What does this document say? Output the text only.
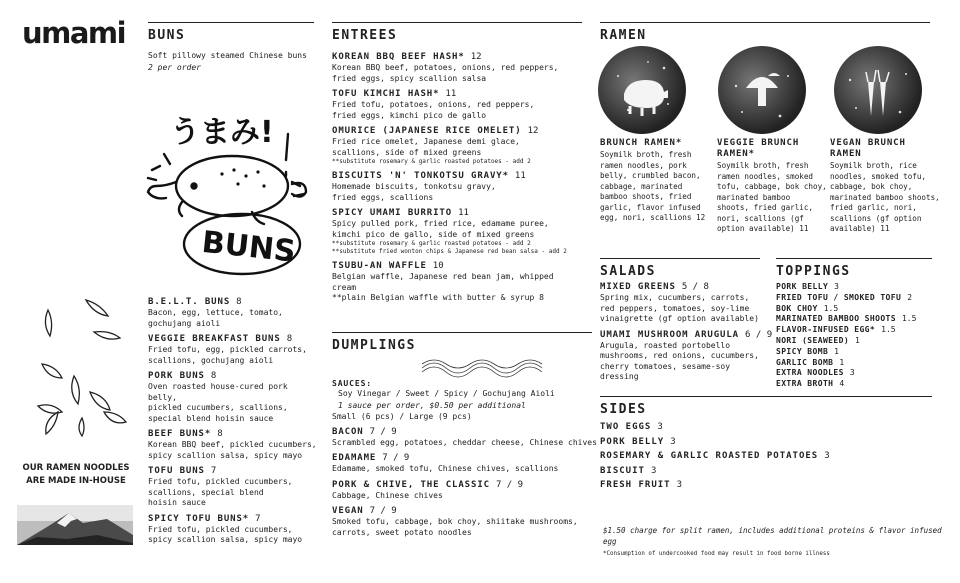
umami
OUR RAMEN NOODLES
ARE MADE IN-HOUSE
BUNS
Soft pillowy steamed Chinese buns
2 per order
うまみ!
BUNS
B.E.L.T. BUNS 8
Bacon, egg, lettuce, tomato,
gochujang aioli
VEGGIE BREAKFAST BUNS 8
Fried tofu, egg, pickled carrots,
scallions, gochujang aioli
PORK BUNS 8
Oven roasted house-cured pork belly,
pickled cucumbers, scallions,
special blend hoisin sauce
BEEF BUNS* 8
Korean BBQ beef, pickled cucumbers,
spicy scallion salsa, spicy mayo
TOFU BUNS 7
Fried tofu, pickled cucumbers,
scallions, special blend
hoisin sauce
SPICY TOFU BUNS* 7
Fried tofu, pickled cucumbers,
spicy scallion salsa, spicy mayo
ENTREES
KOREAN BBQ BEEF HASH* 12
Korean BBQ beef, potatoes, onions, red peppers,
fried eggs, spicy scallion salsa
TOFU KIMCHI HASH* 11
Fried tofu, potatoes, onions, red peppers,
fried eggs, kimchi pico de gallo
OMURICE (JAPANESE RICE OMELET) 12
Fried rice omelet, Japanese demi glace,
scallions, side of mixed greens
**substitute rosemary & garlic roasted potatoes - add 2
BISCUITS 'N' TONKOTSU GRAVY* 11
Homemade biscuits, tonkotsu gravy,
fried eggs, scallions
SPICY UMAMI BURRITO 11
Spicy pulled pork, fried rice, edamame puree,
kimchi pico de gallo, side of mixed greens
**substitute rosemary & garlic roasted potatoes - add 2
**substitute fried wonton chips & Japanese red bean salsa - add 2
TSUBU-AN WAFFLE 10
Belgian waffle, Japanese red bean jam, whipped cream
**plain Belgian waffle with butter & syrup 8
DUMPLINGS
SAUCES:
Soy Vinegar / Sweet / Spicy / Gochujang Aioli
1 sauce per order, $0.50 per additional
Small (6 pcs) / Large (9 pcs)
BACON 7 / 9
Scrambled egg, potatoes, cheddar cheese, Chinese chives
EDAMAME 7 / 9
Edamame, smoked tofu, Chinese chives, scallions
PORK & CHIVE, THE CLASSIC 7 / 9
Cabbage, Chinese chives
VEGAN 7 / 9
Smoked tofu, cabbage, bok choy, shiitake mushrooms,
carrots, sweet potato noodles
RAMEN
BRUNCH RAMEN*
Soymilk broth, fresh
ramen noodles, pork
belly, crumbled bacon,
cabbage, marinated
bamboo shoots, fried
garlic, flavor infused
egg, nori, scallions 12
VEGGIE BRUNCH
RAMEN*
Soymilk broth, fresh
ramen noodles, smoked
tofu, cabbage, bok choy,
marinated bamboo
shoots, fried garlic,
nori, scallions (gf
option available) 11
VEGAN BRUNCH
RAMEN
Soymilk broth, rice
noodles, smoked tofu,
cabbage, bok choy,
marinated bamboo shoots,
fried garlic, nori,
scallions (gf option
available) 11
SALADS
MIXED GREENS 5 / 8
Spring mix, cucumbers, carrots,
red peppers, tomatoes, soy-lime
vinaigrette (gf option available)
UMAMI MUSHROOM ARUGULA 6 / 9
Arugula, roasted portobello
mushrooms, red onions, cucumbers,
cherry tomatoes, sesame-soy dressing
TOPPINGS
PORK BELLY 3
FRIED TOFU / SMOKED TOFU 2
BOK CHOY 1.5
MARINATED BAMBOO SHOOTS 1.5
FLAVOR-INFUSED EGG* 1.5
NORI (SEAWEED) 1
SPICY BOMB 1
GARLIC BOMB 1
EXTRA NOODLES 3
EXTRA BROTH 4
SIDES
TWO EGGS 3
PORK BELLY 3
ROSEMARY & GARLIC ROASTED POTATOES 3
BISCUIT 3
FRESH FRUIT 3
$1.50 charge for split ramen, includes additional proteins & flavor infused egg
*Consumption of undercooked food may result in food borne illness
